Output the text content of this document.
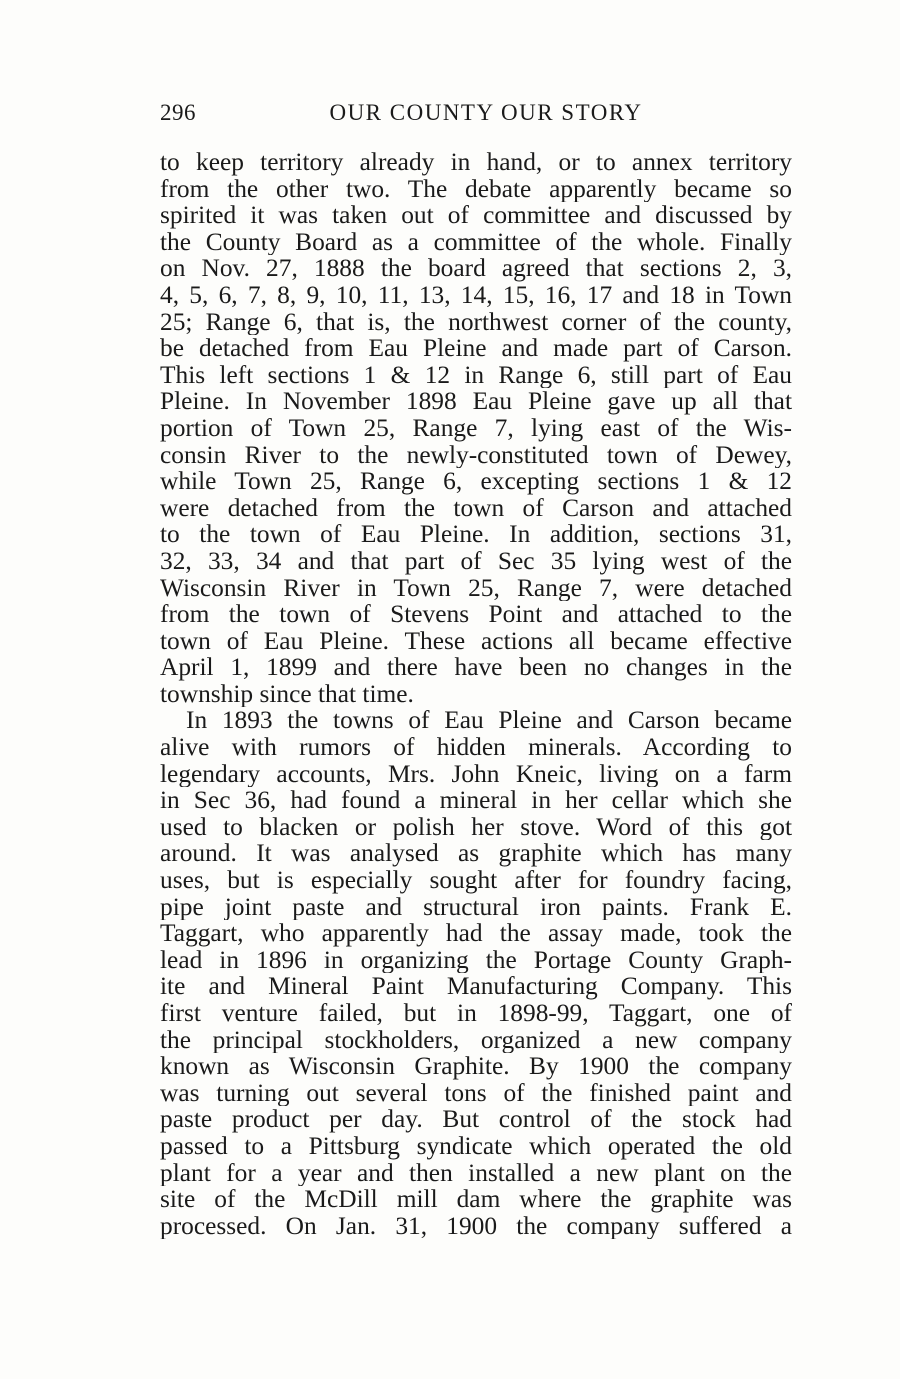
296	OUR COUNTY OUR STORY
to keep territory already in hand, or to annex territory
from the other two. The debate apparently became so
spirited it was taken out of committee and discussed by
the County Board as a committee of the whole. Finally
on Nov. 27, 1888 the board agreed that sections 2, 3,
4, 5, 6, 7, 8, 9, 10, 11, 13, 14, 15, 16, 17 and 18 in Town
25; Range 6, that is, the northwest corner of the county,
be detached from Eau Pleine and made part of Carson.
This left sections 1 & 12 in Range 6, still part of Eau
Pleine. In November 1898 Eau Pleine gave up all that
portion of Town 25, Range 7, lying east of the Wis-
consin River to the newly-constituted town of Dewey,
while Town 25, Range 6, excepting sections 1 & 12
were detached from the town of Carson and attached
to the town of Eau Pleine. In addition, sections 31,
32, 33, 34 and that part of Sec 35 lying west of the
Wisconsin River in Town 25, Range 7, were detached
from the town of Stevens Point and attached to the
town of Eau Pleine. These actions all became effective
April 1, 1899 and there have been no changes in the
township since that time.
In 1893 the towns of Eau Pleine and Carson became
alive with rumors of hidden minerals. According to
legendary accounts, Mrs. John Kneic, living on a farm
in Sec 36, had found a mineral in her cellar which she
used to blacken or polish her stove. Word of this got
around. It was analysed as graphite which has many
uses, but is especially sought after for foundry facing,
pipe joint paste and structural iron paints. Frank E.
Taggart, who apparently had the assay made, took the
lead in 1896 in organizing the Portage County Graph-
ite and Mineral Paint Manufacturing Company. This
first venture failed, but in 1898-99, Taggart, one of
the principal stockholders, organized a new company
known as Wisconsin Graphite. By 1900 the company
was turning out several tons of the finished paint and
paste product per day. But control of the stock had
passed to a Pittsburg syndicate which operated the old
plant for a year and then installed a new plant on the
site of the McDill mill dam where the graphite was
processed. On Jan. 31, 1900 the company suffered a
